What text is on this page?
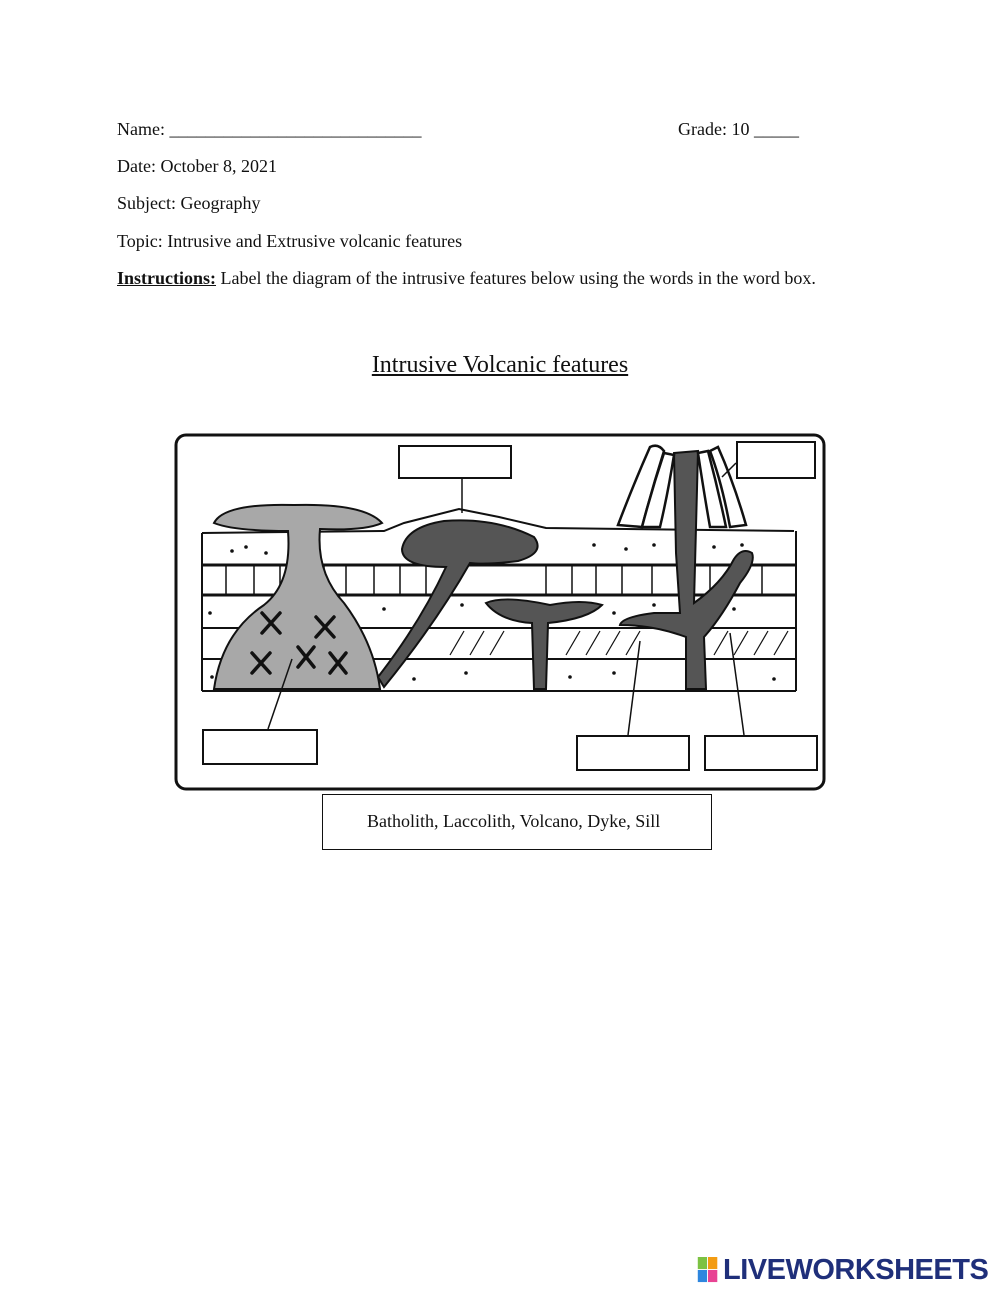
Name: ____________________________	Grade: 10 _____
Date: October 8, 2021
Subject: Geography
Topic: Intrusive and Extrusive volcanic features
Instructions: Label the diagram of the intrusive features below using the words in the word box.
Intrusive Volcanic features
Batholith, Laccolith, Volcano, Dyke, Sill
LIVEWORKSHEETS
